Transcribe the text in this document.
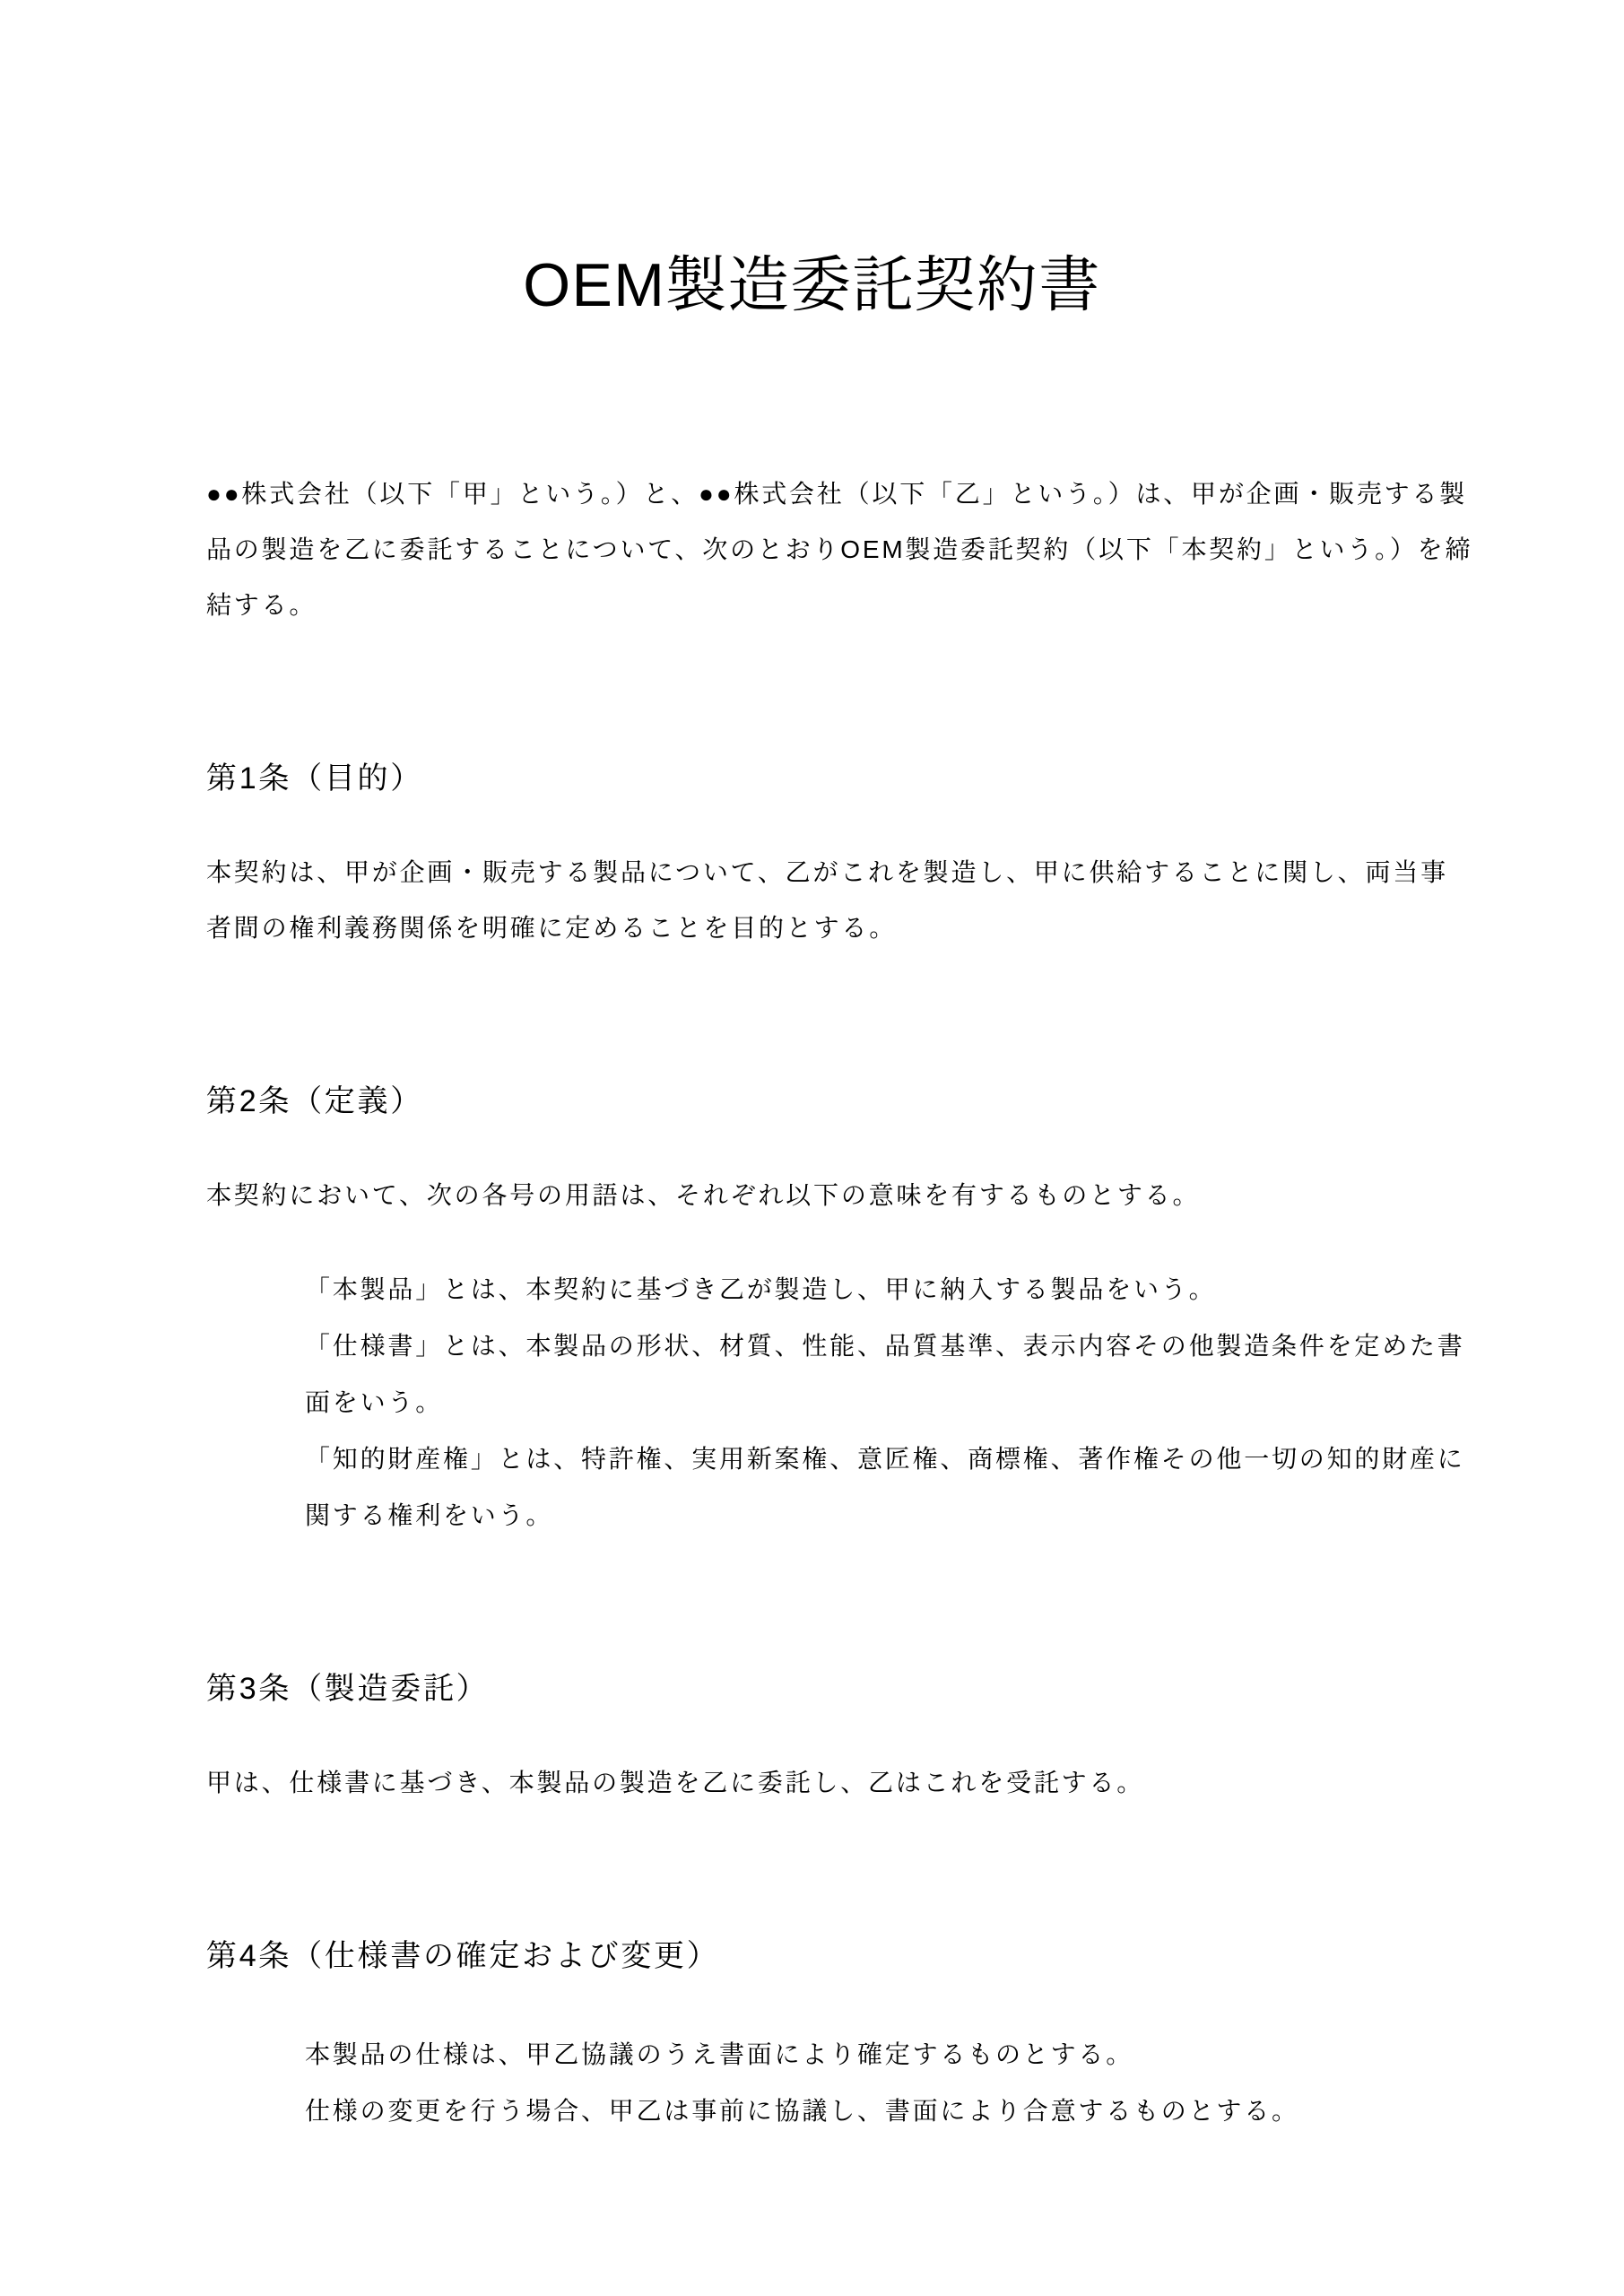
OEM製造委託契約書

●●株式会社（以下「甲」という。）と、●●株式会社（以下「乙」という。）は、甲が企画・販売する製品の製造を乙に委託することについて、次のとおりOEM製造委託契約（以下「本契約」という。）を締結する。

第1条（目的）

本契約は、甲が企画・販売する製品について、乙がこれを製造し、甲に供給することに関し、両当事者間の権利義務関係を明確に定めることを目的とする。

第2条（定義）

本契約において、次の各号の用語は、それぞれ以下の意味を有するものとする。

「本製品」とは、本契約に基づき乙が製造し、甲に納入する製品をいう。

「仕様書」とは、本製品の形状、材質、性能、品質基準、表示内容その他製造条件を定めた書面をいう。

「知的財産権」とは、特許権、実用新案権、意匠権、商標権、著作権その他一切の知的財産に関する権利をいう。

第3条（製造委託）

甲は、仕様書に基づき、本製品の製造を乙に委託し、乙はこれを受託する。

第4条（仕様書の確定および変更）

本製品の仕様は、甲乙協議のうえ書面により確定するものとする。

仕様の変更を行う場合、甲乙は事前に協議し、書面により合意するものとする。
